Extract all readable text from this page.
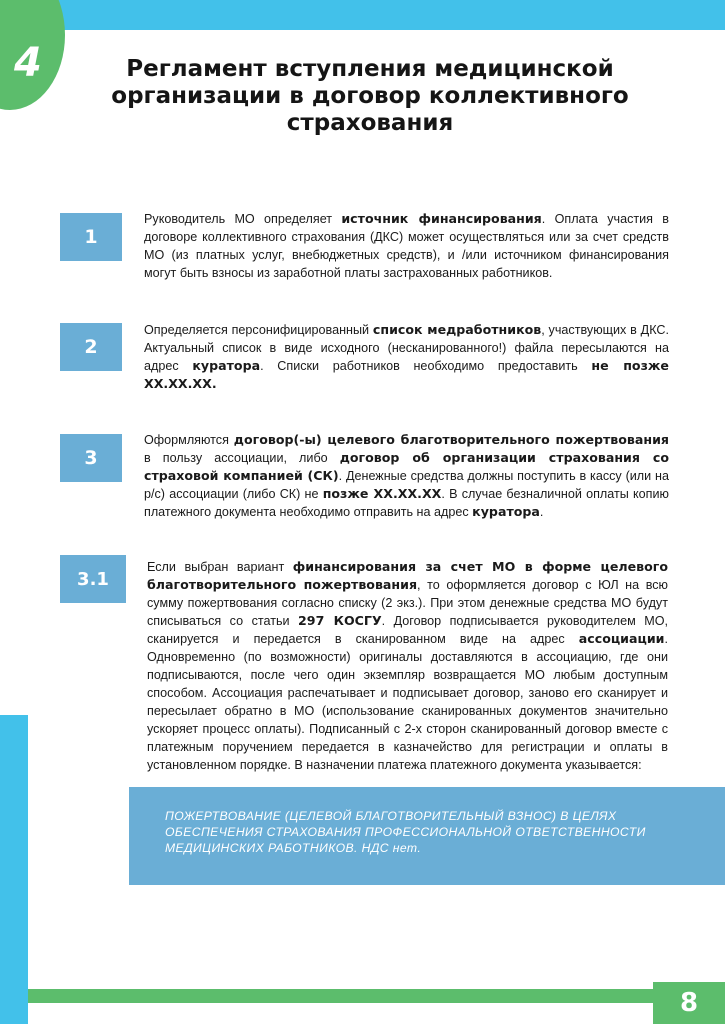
4	Регламент вступления медицинской
организации в договор коллективного
страхования
1
Руководитель МО определяет источник финансирования. Оплата участия в договоре коллективного страхования (ДКС) может осуществляться или за счет средств МО (из платных услуг, внебюджетных средств), и /или источником финансирования могут быть взносы из заработной платы застрахованных работников.
2
Определяется персонифицированный список медработников, участвующих в ДКС. Актуальный список в виде исходного (несканированного!) файла пересылаются на адрес куратора. Списки работников необходимо предоставить не позже XX.XX.XX.
3
Оформляются договор(-ы) целевого благотворительного пожертвования в пользу ассоциации, либо договор об организации страхования со страховой компанией (СК). Денежные средства должны поступить в кассу (или на р/с) ассоциации (либо СК) не позже XX.XX.XX. В случае безналичной оплаты копию платежного документа необходимо отправить на адрес куратора.
3.1
Если выбран вариант финансирования за счет МО в форме целевого благотворительного пожертвования, то оформляется договор с ЮЛ на всю сумму пожертвования согласно списку (2 экз.). При этом денежные средства МО будут списываться со статьи 297 КОСГУ. Договор подписывается руководителем МО, сканируется и передается в сканированном виде на адрес ассоциации. Одновременно (по возможности) оригиналы доставляются в ассоциацию, где они подписываются, после чего один экземпляр возвращается МО любым доступным способом. Ассоциация распечатывает и подписывает договор, заново его сканирует и пересылает обратно в МО (использование сканированных документов значительно ускоряет процесс оплаты). Подписанный с 2-х сторон сканированный договор вместе с платежным поручением передается в казначейство для регистрации и оплаты в установленном порядке. В назначении платежа платежного документа указывается:
ПОЖЕРТВОВАНИЕ (ЦЕЛЕВОЙ БЛАГОТВОРИТЕЛЬНЫЙ ВЗНОС) В ЦЕЛЯХ
ОБЕСПЕЧЕНИЯ СТРАХОВАНИЯ ПРОФЕССИОНАЛЬНОЙ ОТВЕТСТВЕННОСТИ
МЕДИЦИНСКИХ РАБОТНИКОВ. НДС нет.
8
